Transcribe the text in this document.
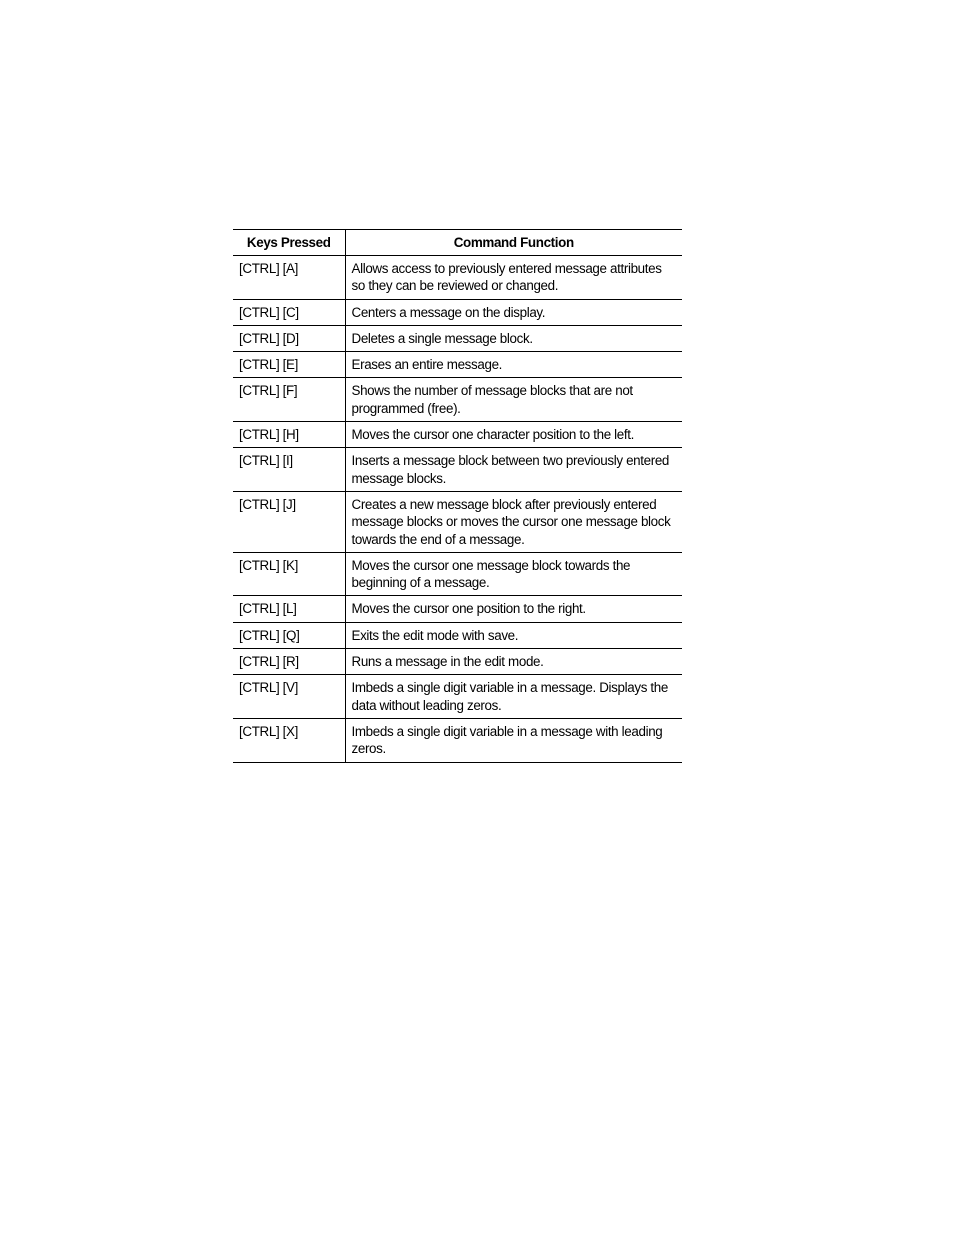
Keys Pressed	Command Function
[CTRL] [A]	Allows access to previously entered message attributes so they can be reviewed or changed.
[CTRL] [C]	Centers a message on the display.
[CTRL] [D]	Deletes a single message block.
[CTRL] [E]	Erases an entire message.
[CTRL] [F]	Shows the number of message blocks that are not programmed (free).
[CTRL] [H]	Moves the cursor one character position to the left.
[CTRL] [I]	Inserts a message block between two previously entered message blocks.
[CTRL] [J]	Creates a new message block after previously entered message blocks or moves the cursor one message block towards the end of a message.
[CTRL] [K]	Moves the cursor one message block towards the beginning of a message.
[CTRL] [L]	Moves the cursor one position to the right.
[CTRL] [Q]	Exits the edit mode with save.
[CTRL] [R]	Runs a message in the edit mode.
[CTRL] [V]	Imbeds a single digit variable in a message. Displays the data without leading zeros.
[CTRL] [X]	Imbeds a single digit variable in a message with leading zeros.
